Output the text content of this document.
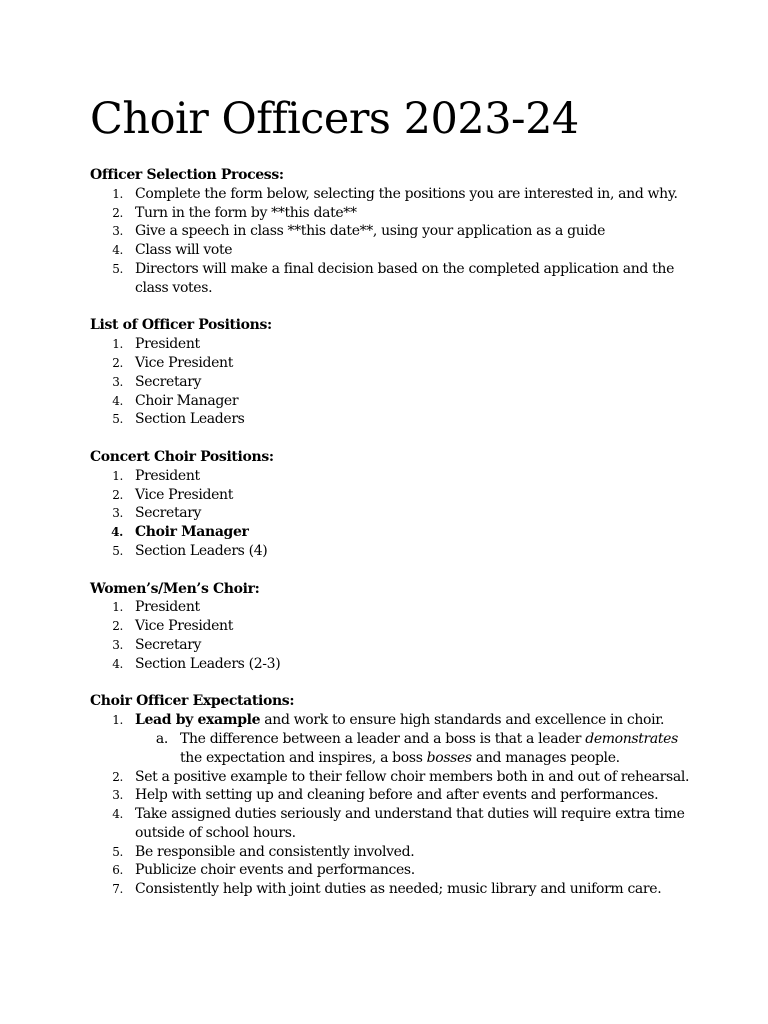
Choir Officers 2023-24

Officer Selection Process:

1. Complete the form below, selecting the positions you are interested in, and why.
2. Turn in the form by **this date**
3. Give a speech in class **this date**, using your application as a guide
4. Class will vote
5. Directors will make a final decision based on the completed application and the class votes.

List of Officer Positions:

1. President
2. Vice President
3. Secretary
4. Choir Manager
5. Section Leaders

Concert Choir Positions:

1. President
2. Vice President
3. Secretary
4. Choir Manager
5. Section Leaders (4)

Women’s/Men’s Choir:

1. President
2. Vice President
3. Secretary
4. Section Leaders (2-3)

Choir Officer Expectations:

1. Lead by example and work to ensure high standards and excellence in choir.
a. The difference between a leader and a boss is that a leader demonstrates the expectation and inspires, a boss bosses and manages people.
2. Set a positive example to their fellow choir members both in and out of rehearsal.
3. Help with setting up and cleaning before and after events and performances.
4. Take assigned duties seriously and understand that duties will require extra time outside of school hours.
5. Be responsible and consistently involved.
6. Publicize choir events and performances.
7. Consistently help with joint duties as needed; music library and uniform care.
